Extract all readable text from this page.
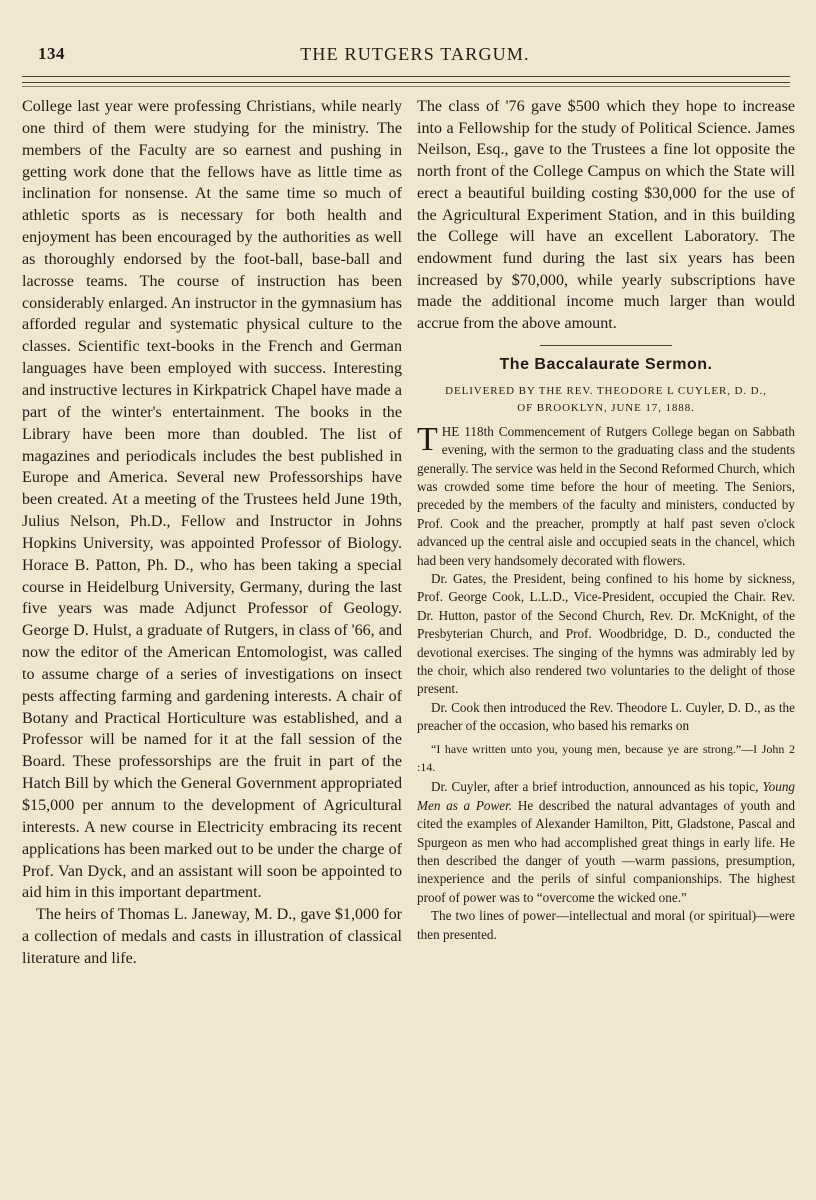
134	THE RUTGERS TARGUM.

College last year were professing Christians, while nearly one third of them were studying for the ministry. The members of the Faculty are so earnest and pushing in getting work done that the fellows have as little time as inclination for nonsense. At the same time so much of athletic sports as is necessary for both health and enjoyment has been encouraged by the authorities as well as thoroughly endorsed by the foot-ball, base-ball and lacrosse teams. The course of instruction has been considerably enlarged. An instructor in the gymnasium has afforded regular and systematic physical culture to the classes. Scientific text-books in the French and German languages have been employed with success. Interesting and instructive lectures in Kirkpatrick Chapel have made a part of the winter's entertainment. The books in the Library have been more than doubled. The list of magazines and periodicals includes the best published in Europe and America. Several new Professorships have been created. At a meeting of the Trustees held June 19th, Julius Nelson, Ph.D., Fellow and Instructor in Johns Hopkins University, was appointed Professor of Biology. Horace B. Patton, Ph. D., who has been taking a special course in Heidelburg University, Germany, during the last five years was made Adjunct Professor of Geology. George D. Hulst, a graduate of Rutgers, in class of '66, and now the editor of the American Entomologist, was called to assume charge of a series of investigations on insect pests affecting farming and gardening interests. A chair of Botany and Practical Horticulture was established, and a Professor will be named for it at the fall session of the Board. These professorships are the fruit in part of the Hatch Bill by which the General Government appropriated $15,000 per annum to the development of Agricultural interests. A new course in Electricity embracing its recent applications has been marked out to be under the charge of Prof. Van Dyck, and an assistant will soon be appointed to aid him in this important department.

The heirs of Thomas L. Janeway, M. D., gave $1,000 for a collection of medals and casts in illustration of classical literature and life.

The class of '76 gave $500 which they hope to increase into a Fellowship for the study of Political Science. James Neilson, Esq., gave to the Trustees a fine lot opposite the north front of the College Campus on which the State will erect a beautiful building costing $30,000 for the use of the Agricultural Experiment Station, and in this building the College will have an excellent Laboratory. The endowment fund during the last six years has been increased by $70,000, while yearly subscriptions have made the additional income much larger than would accrue from the above amount.

The Baccalaurate Sermon.
DELIVERED BY THE REV. THEODORE L CUYLER, D. D.,
OF BROOKLYN, JUNE 17, 1888.

THE 118th Commencement of Rutgers College began on Sabbath evening, with the sermon to the graduating class and the students generally. The service was held in the Second Reformed Church, which was crowded some time before the hour of meeting. The Seniors, preceded by the members of the faculty and ministers, conducted by Prof. Cook and the preacher, promptly at half past seven o'clock advanced up the central aisle and occupied seats in the chancel, which had been very handsomely decorated with flowers.

Dr. Gates, the President, being confined to his home by sickness, Prof. George Cook, L.L.D., Vice-President, occupied the Chair. Rev. Dr. Hutton, pastor of the Second Church, Rev. Dr. McKnight, of the Presbyterian Church, and Prof. Woodbridge, D. D., conducted the devotional exercises. The singing of the hymns was admirably led by the choir, which also rendered two voluntaries to the delight of those present.

Dr. Cook then introduced the Rev. Theodore L. Cuyler, D. D., as the preacher of the occasion, who based his remarks on

“I have written unto you, young men, because ye are strong.”—I John 2 :14.

Dr. Cuyler, after a brief introduction, announced as his topic, Young Men as a Power. He described the natural advantages of youth and cited the examples of Alexander Hamilton, Pitt, Gladstone, Pascal and Spurgeon as men who had accomplished great things in early life. He then described the danger of youth —warm passions, presumption, inexperience and the perils of sinful companionships. The highest proof of power was to “overcome the wicked one.”

The two lines of power—intellectual and moral (or spiritual)—were then presented.
